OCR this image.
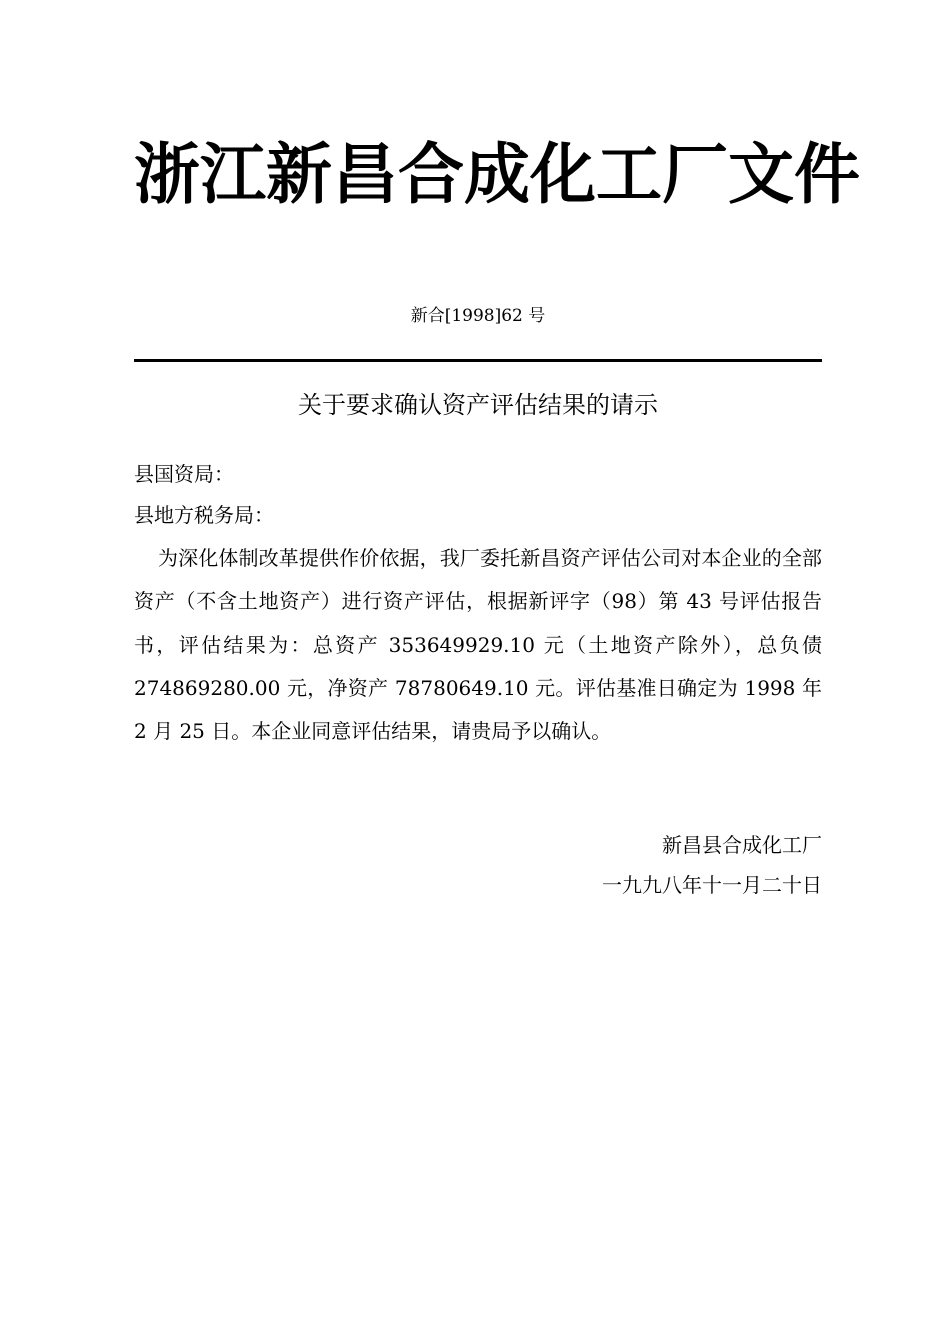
浙江新昌合成化工厂文件
新合[1998]62 号
关于要求确认资产评估结果的请示
县国资局：
县地方税务局：

为深化体制改革提供作价依据，我厂委托新昌资产评估公司对本企业的全部资产（不含土地资产）进行资产评估，根据新评字（98）第 43 号评估报告书，评估结果为：总资产 353649929.10 元（土地资产除外），总负债 274869280.00 元，净资产 78780649.10 元。评估基准日确定为 1998 年 2 月 25 日。本企业同意评估结果，请贵局予以确认。

新昌县合成化工厂
一九九八年十一月二十日
